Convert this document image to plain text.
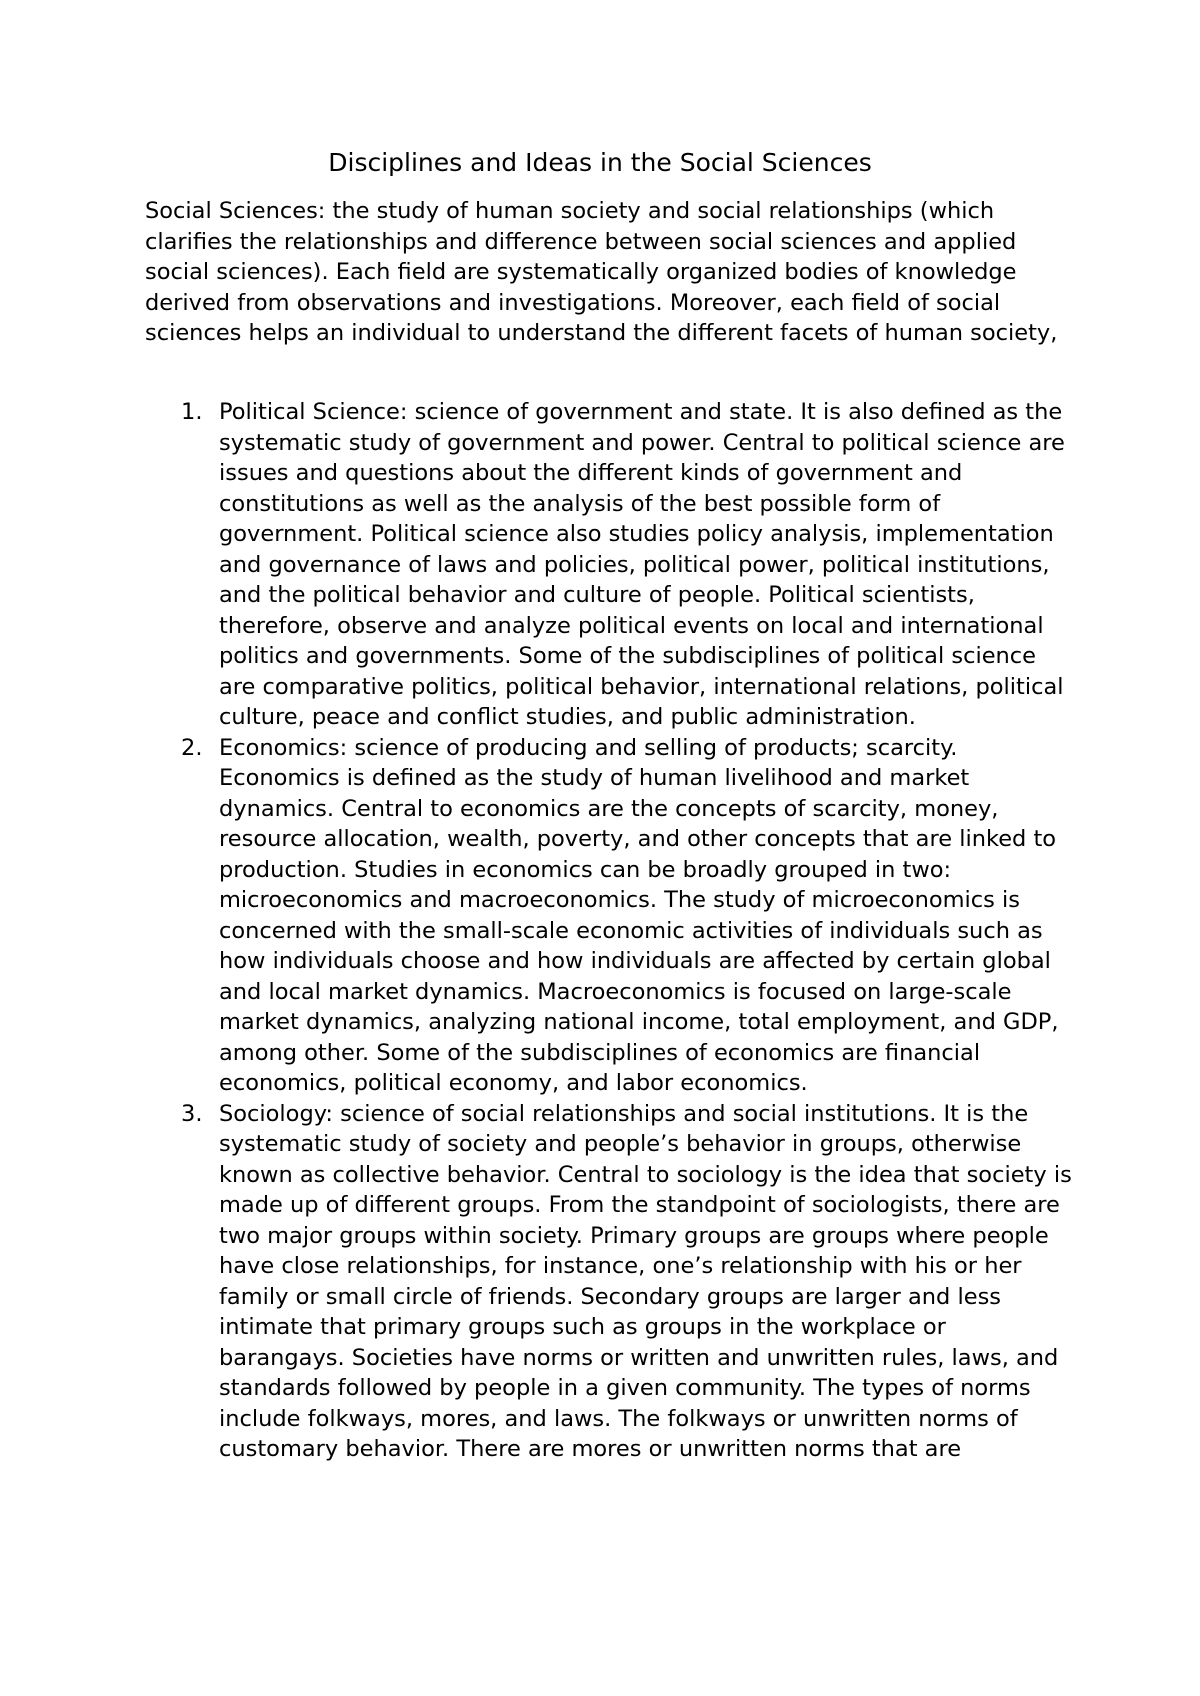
Disciplines and Ideas in the Social Sciences

Social Sciences: the study of human society and social relationships (which clarifies the relationships and difference between social sciences and applied social sciences). Each field are systematically organized bodies of knowledge derived from observations and investigations. Moreover, each field of social sciences helps an individual to understand the different facets of human society,

1. Political Science: science of government and state. It is also defined as the systematic study of government and power. Central to political science are issues and questions about the different kinds of government and constitutions as well as the analysis of the best possible form of government. Political science also studies policy analysis, implementation and governance of laws and policies, political power, political institutions, and the political behavior and culture of people. Political scientists, therefore, observe and analyze political events on local and international politics and governments. Some of the subdisciplines of political science are comparative politics, political behavior, international relations, political culture, peace and conflict studies, and public administration.
2. Economics: science of producing and selling of products; scarcity. Economics is defined as the study of human livelihood and market dynamics. Central to economics are the concepts of scarcity, money, resource allocation, wealth, poverty, and other concepts that are linked to production. Studies in economics can be broadly grouped in two: microeconomics and macroeconomics. The study of microeconomics is concerned with the small-scale economic activities of individuals such as how individuals choose and how individuals are affected by certain global and local market dynamics. Macroeconomics is focused on large-scale market dynamics, analyzing national income, total employment, and GDP, among other. Some of the subdisciplines of economics are financial economics, political economy, and labor economics.
3. Sociology: science of social relationships and social institutions. It is the systematic study of society and people’s behavior in groups, otherwise known as collective behavior. Central to sociology is the idea that society is made up of different groups. From the standpoint of sociologists, there are two major groups within society. Primary groups are groups where people have close relationships, for instance, one’s relationship with his or her family or small circle of friends. Secondary groups are larger and less intimate that primary groups such as groups in the workplace or barangays. Societies have norms or written and unwritten rules, laws, and standards followed by people in a given community. The types of norms include folkways, mores, and laws. The folkways or unwritten norms of customary behavior. There are mores or unwritten norms that are
